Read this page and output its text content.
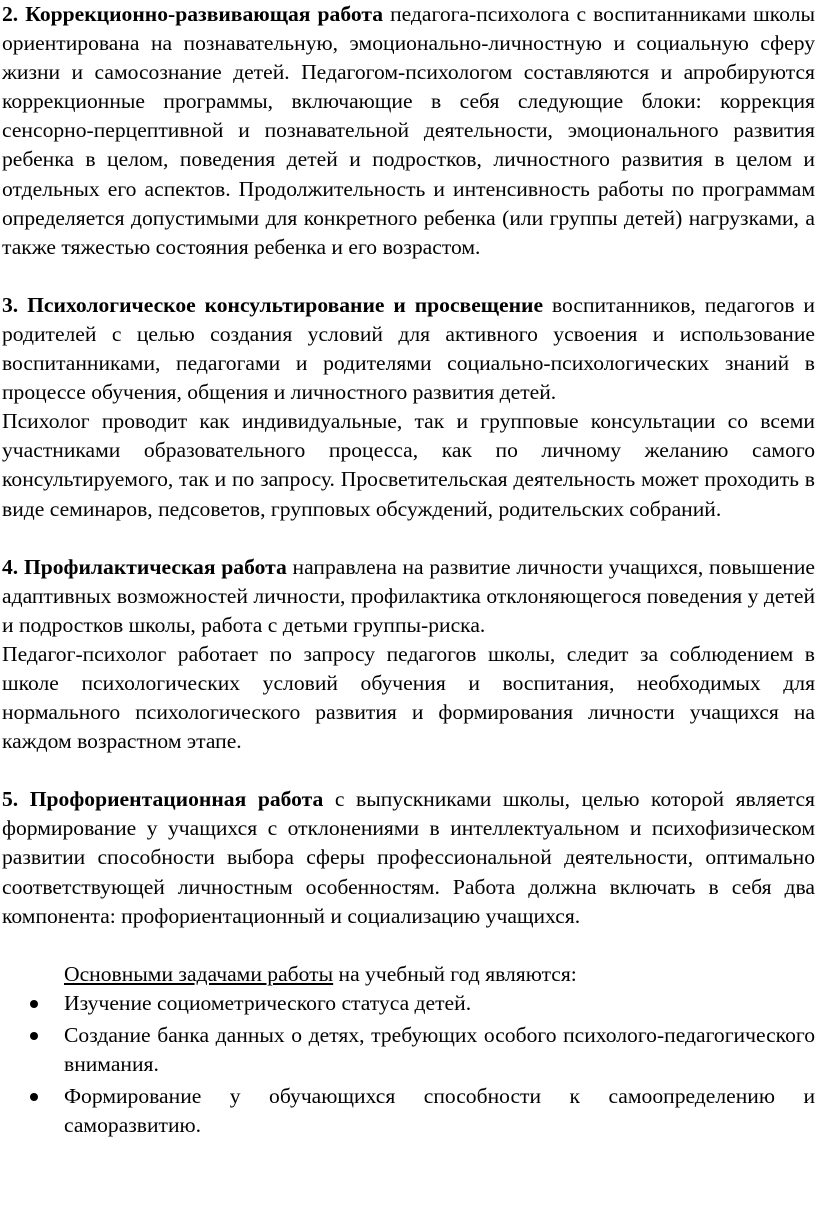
2. Коррекционно-развивающая работа педагога-психолога с воспитанниками школы ориентирована на познавательную, эмоционально-личностную и социальную сферу жизни и самосознание детей. Педагогом-психологом составляются и апробируются коррекционные программы, включающие в себя следующие блоки: коррекция сенсорно-перцептивной и познавательной деятельности, эмоционального развития ребенка в целом, поведения детей и подростков, личностного развития в целом и отдельных его аспектов. Продолжительность и интенсивность работы по программам определяется допустимыми для конкретного ребенка (или группы детей) нагрузками, а также тяжестью состояния ребенка и его возрастом.

3. Психологическое консультирование и просвещение воспитанников, педагогов и родителей с целью создания условий для активного усвоения и использование воспитанниками, педагогами и родителями социально-психологических знаний в процессе обучения, общения и личностного развития детей.

Психолог проводит как индивидуальные, так и групповые консультации со всеми участниками образовательного процесса, как по личному желанию самого консультируемого, так и по запросу. Просветительская деятельность может проходить в виде семинаров, педсоветов, групповых обсуждений, родительских собраний.

4. Профилактическая работа направлена на развитие личности учащихся, повышение адаптивных возможностей личности, профилактика отклоняющегося поведения у детей и подростков школы, работа с детьми группы-риска.

Педагог-психолог работает по запросу педагогов школы, следит за соблюдением в школе психологических условий обучения и воспитания, необходимых для нормального психологического развития и формирования личности учащихся на каждом возрастном этапе.

5. Профориентационная работа с выпускниками школы, целью которой является формирование у учащихся с отклонениями в интеллектуальном и психофизическом развитии способности выбора сферы профессиональной деятельности, оптимально соответствующей личностным особенностям. Работа должна включать в себя два компонента: профориентационный и социализацию учащихся.

Основными задачами работы на учебный год являются:

Изучение социометрического статуса детей.
Создание банка данных о детях, требующих особого психолого-педагогического внимания.
Формирование у обучающихся способности к самоопределению и саморазвитию.
